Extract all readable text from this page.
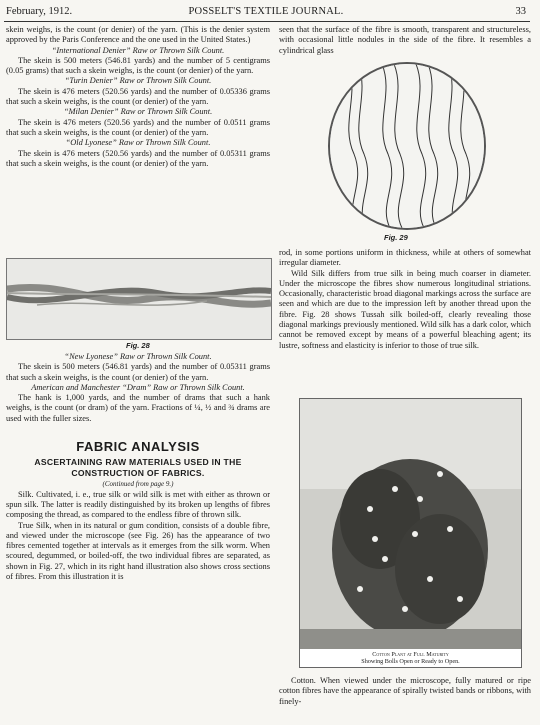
February, 1912.	POSSELT'S TEXTILE JOURNAL.	33

skein weighs, is the count (or denier) of the yarn. (This is the denier system approved by the Paris Conference and the one used in the United States.)

“International Denier” Raw or Thrown Silk Count.

The skein is 500 meters (546.81 yards) and the number of 5 centigrams (0.05 grams) that such a skein weighs, is the count (or denier) of the yarn.

“Turin Denier” Raw or Thrown Silk Count.

The skein is 476 meters (520.56 yards) and the number of 0.05336 grams that such a skein weighs, is the count (or denier) of the yarn.

“Milan Denier” Raw or Thrown Silk Count.

The skein is 476 meters (520.56 yards) and the number of 0.0511 grams that such a skein weighs, is the count (or denier) of the yarn.

“Old Lyonese” Raw or Thrown Silk Count.

The skein is 476 meters (520.56 yards) and the number of 0.05311 grams that such a skein weighs, is the count (or denier) of the yarn.

Fig. 28

“New Lyonese” Raw or Thrown Silk Count.

The skein is 500 meters (546.81 yards) and the number of 0.05311 grams that such a skein weighs, is the count (or denier) of the yarn.

American and Manchester “Dram” Raw or Thrown Silk Count.

The hank is 1,000 yards, and the number of drams that such a hank weighs, is the count (or dram) of the yarn. Fractions of ¼, ½ and ¾ drams are used with the fuller sizes.

FABRIC ANALYSIS
ASCERTAINING RAW MATERIALS USED IN THE CONSTRUCTION OF FABRICS.
(Continued from page 9.)

Silk. Cultivated, i. e., true silk or wild silk is met with either as thrown or spun silk. The latter is readily distinguished by its broken up lengths of fibres composing the thread, as compared to the endless fibre of thrown silk.

True Silk, when in its natural or gum condition, consists of a double fibre, and viewed under the microscope (see Fig. 26) has the appearance of two fibres cemented together at intervals as it emerges from the silk worm. When scoured, degummed, or boiled-off, the two individual fibres are separated, as shown in Fig. 27, which in its right hand illustration also shows cross sections of fibres. From this illustration it is

seen that the surface of the fibre is smooth, transparent and structureless, with occasional little nodules in the side of the fibre. It resembles a cylindrical glass

Fig. 29

rod, in some portions uniform in thickness, while at others of somewhat irregular diameter.

Wild Silk differs from true silk in being much coarser in diameter. Under the microscope the fibres show numerous longitudinal striations. Occasionally, characteristic broad diagonal markings across the surface are seen and which are due to the impression left by another thread upon the fibre. Fig. 28 shows Tussah silk boiled-off, clearly revealing those diagonal markings previously mentioned. Wild silk has a dark color, which cannot be removed except by means of a powerful bleaching agent; its lustre, softness and elasticity is inferior to those of true silk.

Cotton Plant at Full Maturity
Showing Bolls Open or Ready to Open.

Cotton. When viewed under the microscope, fully matured or ripe cotton fibres have the appearance of spirally twisted bands or ribbons, with finely-
